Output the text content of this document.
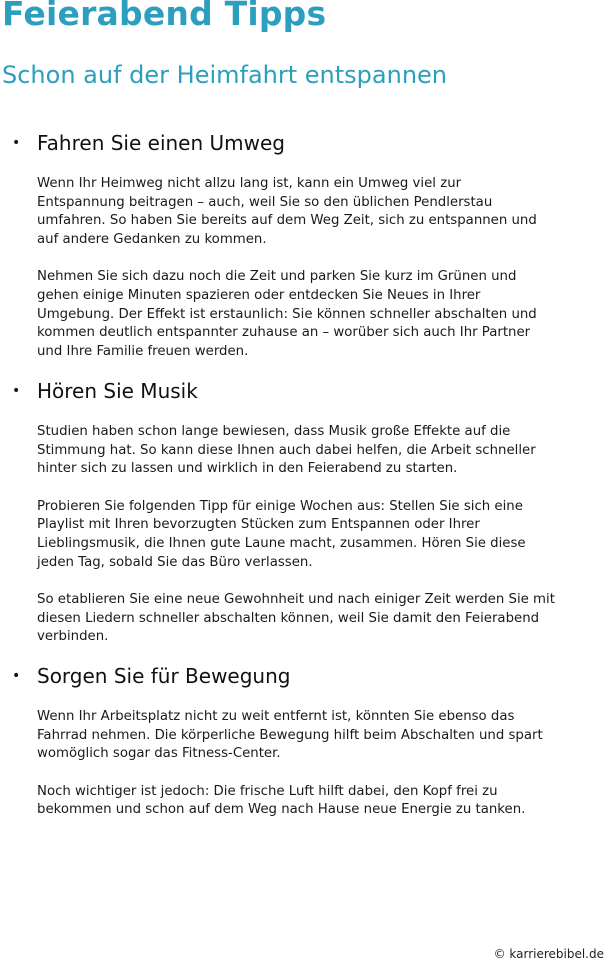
Feierabend Tipps
Schon auf der Heimfahrt entspannen
• Fahren Sie einen Umweg

Wenn Ihr Heimweg nicht allzu lang ist, kann ein Umweg viel zur
Entspannung beitragen – auch, weil Sie so den üblichen Pendlerstau
umfahren. So haben Sie bereits auf dem Weg Zeit, sich zu entspannen und
auf andere Gedanken zu kommen.

Nehmen Sie sich dazu noch die Zeit und parken Sie kurz im Grünen und
gehen einige Minuten spazieren oder entdecken Sie Neues in Ihrer
Umgebung. Der Effekt ist erstaunlich: Sie können schneller abschalten und
kommen deutlich entspannter zuhause an – worüber sich auch Ihr Partner
und Ihre Familie freuen werden.

• Hören Sie Musik

Studien haben schon lange bewiesen, dass Musik große Effekte auf die
Stimmung hat. So kann diese Ihnen auch dabei helfen, die Arbeit schneller
hinter sich zu lassen und wirklich in den Feierabend zu starten.

Probieren Sie folgenden Tipp für einige Wochen aus: Stellen Sie sich eine
Playlist mit Ihren bevorzugten Stücken zum Entspannen oder Ihrer
Lieblingsmusik, die Ihnen gute Laune macht, zusammen. Hören Sie diese
jeden Tag, sobald Sie das Büro verlassen.

So etablieren Sie eine neue Gewohnheit und nach einiger Zeit werden Sie mit
diesen Liedern schneller abschalten können, weil Sie damit den Feierabend
verbinden.

• Sorgen Sie für Bewegung

Wenn Ihr Arbeitsplatz nicht zu weit entfernt ist, könnten Sie ebenso das
Fahrrad nehmen. Die körperliche Bewegung hilft beim Abschalten und spart
womöglich sogar das Fitness-Center.

Noch wichtiger ist jedoch: Die frische Luft hilft dabei, den Kopf frei zu
bekommen und schon auf dem Weg nach Hause neue Energie zu tanken.

© karrierebibel.de
